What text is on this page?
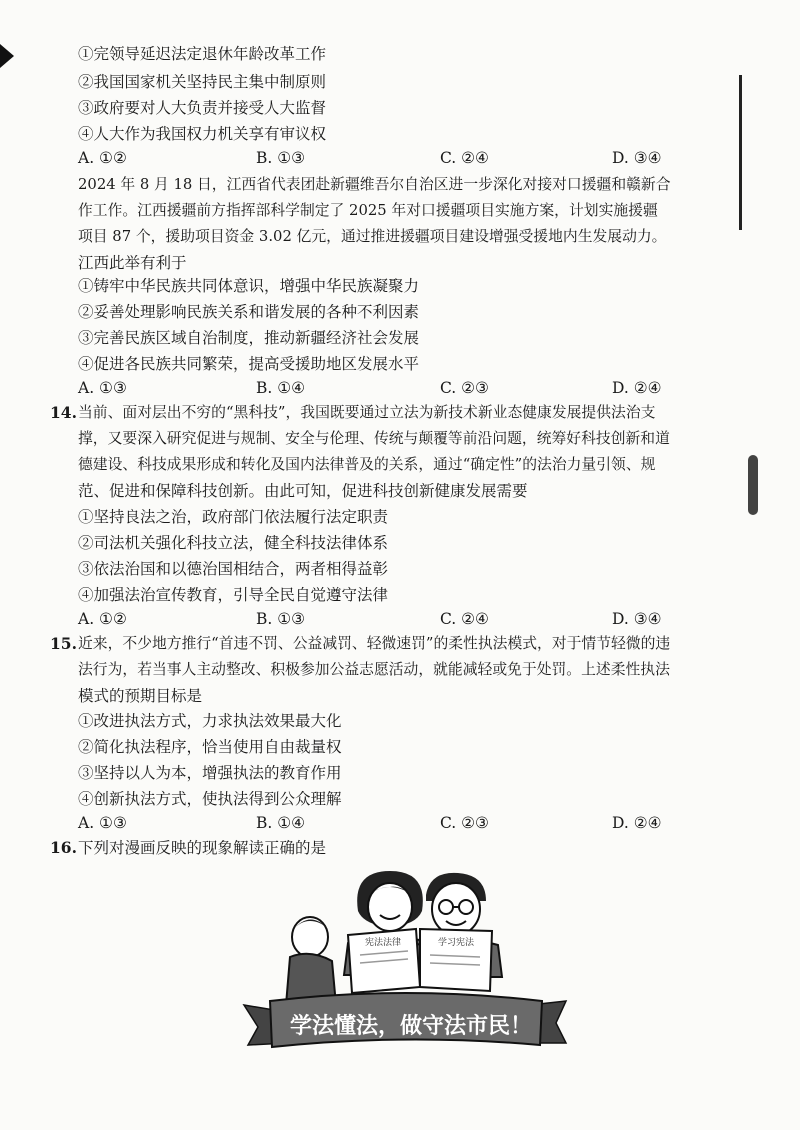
①完领导延迟法定退休年龄改革工作
②我国国家机关坚持民主集中制原则
③政府要对人大负责并接受人大监督
④人大作为我国权力机关享有审议权
A. ①②	B. ①③	C. ②④	D. ③④
2024 年 8 月 18 日，江西省代表团赴新疆维吾尔自治区进一步深化对接对口援疆和赣新合
作工作。江西援疆前方指挥部科学制定了 2025 年对口援疆项目实施方案，计划实施援疆
项目 87 个，援助项目资金 3.02 亿元，通过推进援疆项目建设增强受援地内生发展动力。
江西此举有利于
①铸牢中华民族共同体意识，增强中华民族凝聚力
②妥善处理影响民族关系和谐发展的各种不利因素
③完善民族区域自治制度，推动新疆经济社会发展
④促进各民族共同繁荣，提高受援助地区发展水平
A. ①③	B. ①④	C. ②③	D. ②④
14. 当前、面对层出不穷的“黑科技”，我国既要通过立法为新技术新业态健康发展提供法治支
撑，又要深入研究促进与规制、安全与伦理、传统与颠覆等前沿问题，统筹好科技创新和道
德建设、科技成果形成和转化及国内法律普及的关系，通过“确定性”的法治力量引领、规
范、促进和保障科技创新。由此可知，促进科技创新健康发展需要
①坚持良法之治，政府部门依法履行法定职责
②司法机关强化科技立法，健全科技法律体系
③依法治国和以德治国相结合，两者相得益彰
④加强法治宣传教育，引导全民自觉遵守法律
A. ①②	B. ①③	C. ②④	D. ③④
15. 近来，不少地方推行“首违不罚、公益减罚、轻微速罚”的柔性执法模式，对于情节轻微的违
法行为，若当事人主动整改、积极参加公益志愿活动，就能减轻或免于处罚。上述柔性执法
模式的预期目标是
①改进执法方式，力求执法效果最大化
②简化执法程序，恰当使用自由裁量权
③坚持以人为本，增强执法的教育作用
④创新执法方式，使执法得到公众理解
A. ①③	B. ①④	C. ②③	D. ②④
16. 下列对漫画反映的现象解读正确的是
宪法法律	学习宪法
学法懂法，做守法市民！
